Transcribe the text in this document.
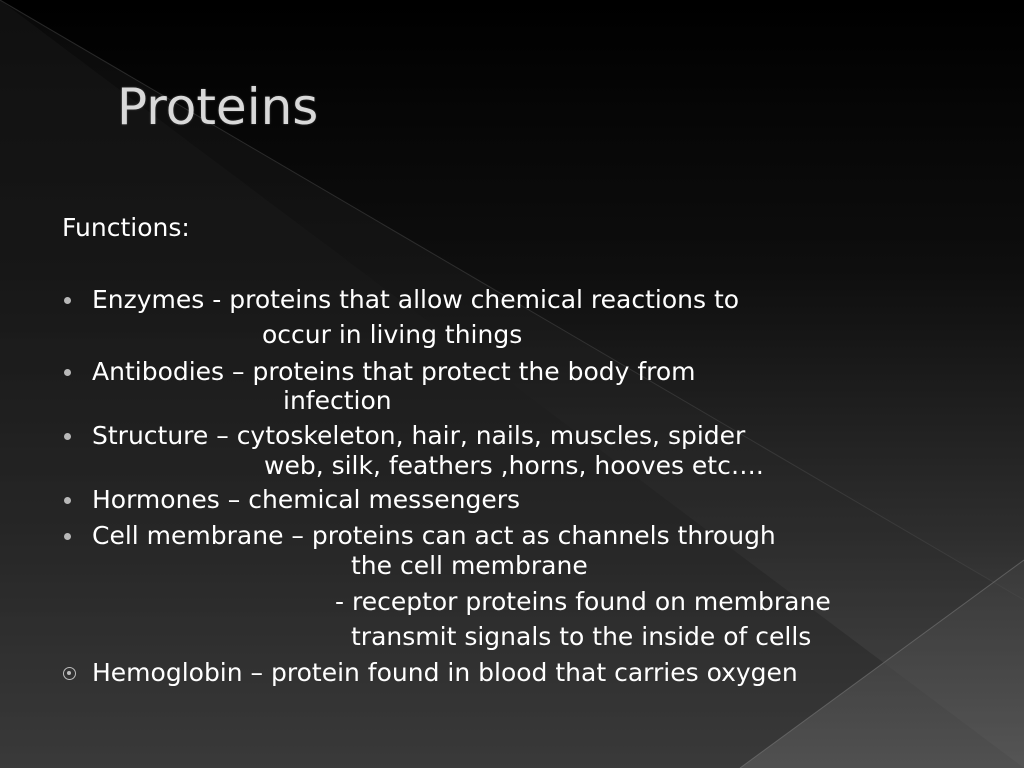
Proteins
Functions:
Enzymes - proteins that allow chemical reactions to
occur in living things
Antibodies – proteins that protect the body from
infection
Structure – cytoskeleton, hair, nails, muscles, spider
web, silk, feathers ,horns, hooves etc….
Hormones – chemical messengers
Cell membrane – proteins can act as channels through
the cell membrane
- receptor proteins found on membrane
transmit signals to the inside of cells
Hemoglobin – protein found in blood that carries oxygen
